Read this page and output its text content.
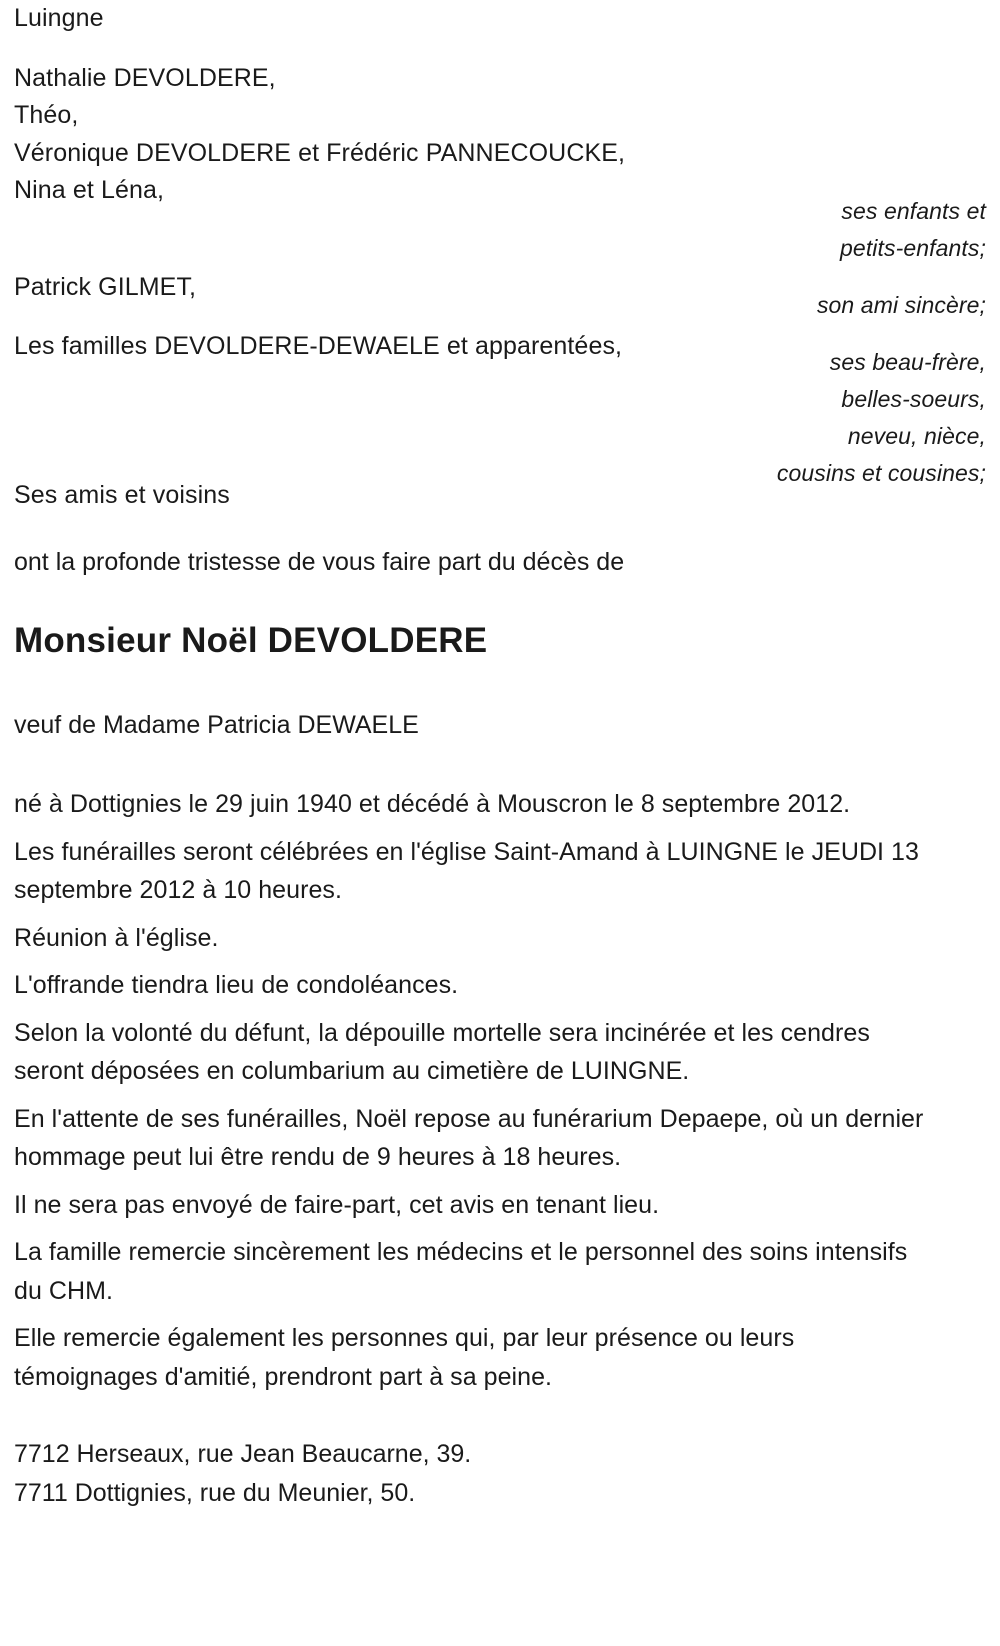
Luingne
Nathalie DEVOLDERE,
Théo,
Véronique DEVOLDERE et Frédéric PANNECOUCKE,
Nina et Léna,
Patrick GILMET,
Les familles DEVOLDERE-DEWAELE et apparentées,
Ses amis et voisins
ses enfants et
petits-enfants;
son ami sincère;
ses beau-frère,
belles-soeurs,
neveu, nièce,
cousins et cousines;
ont la profonde tristesse de vous faire part du décès de
Monsieur Noël DEVOLDERE
veuf de Madame Patricia DEWAELE

né à Dottignies le 29 juin 1940 et décédé à Mouscron le 8 septembre 2012.

Les funérailles seront célébrées en l'église Saint-Amand à LUINGNE le JEUDI 13 septembre 2012 à 10 heures.

Réunion à l'église.

L'offrande tiendra lieu de condoléances.

Selon la volonté du défunt, la dépouille mortelle sera incinérée et les cendres seront déposées en columbarium au cimetière de LUINGNE.

En l'attente de ses funérailles, Noël repose au funérarium Depaepe, où un dernier hommage peut lui être rendu de 9 heures à 18 heures.

Il ne sera pas envoyé de faire-part, cet avis en tenant lieu.

La famille remercie sincèrement les médecins et le personnel des soins intensifs du CHM.

Elle remercie également les personnes qui, par leur présence ou leurs témoignages d'amitié, prendront part à sa peine.

7712 Herseaux, rue Jean Beaucarne, 39.

7711 Dottignies, rue du Meunier, 50.
